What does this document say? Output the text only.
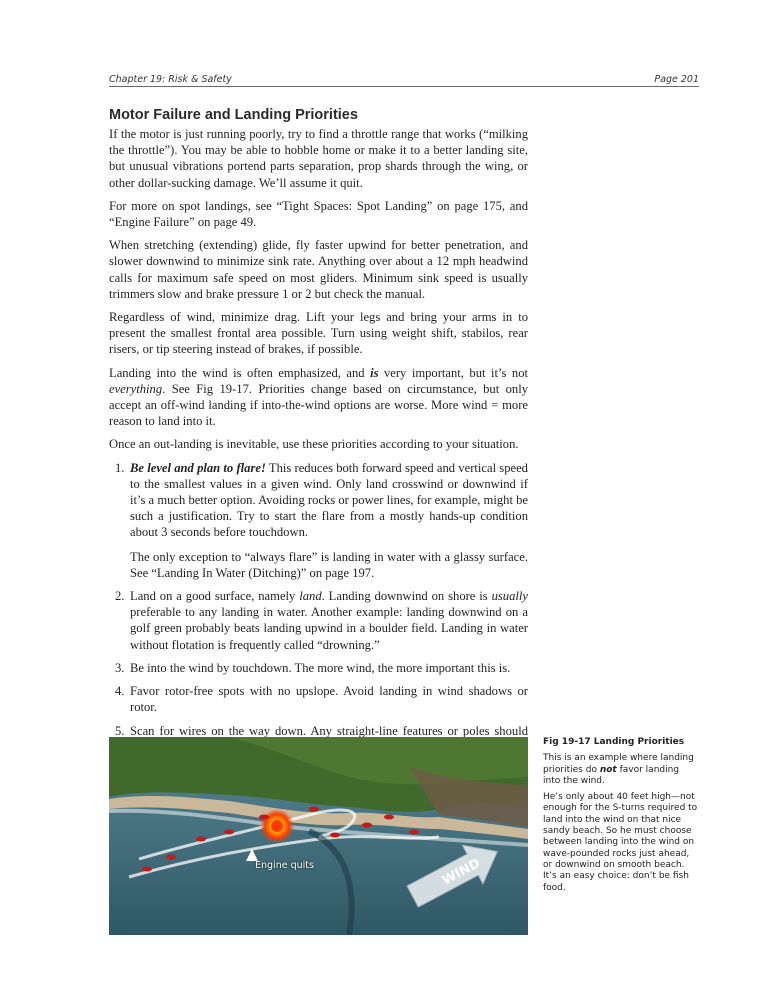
Chapter 19: Risk & Safety	Page 201
Motor Failure and Landing Priorities

If the motor is just running poorly, try to find a throttle range that works (“milking the throttle”). You may be able to hobble home or make it to a better landing site, but unusual vibrations portend parts separation, prop shards through the wing, or other dollar-sucking damage. We’ll assume it quit.

For more on spot landings, see “Tight Spaces: Spot Landing” on page 175, and “Engine Failure” on page 49.

When stretching (extending) glide, fly faster upwind for better penetration, and slower downwind to minimize sink rate. Anything over about a 12 mph headwind calls for maximum safe speed on most gliders. Minimum sink speed is usually trimmers slow and brake pressure 1 or 2 but check the manual.

Regardless of wind, minimize drag. Lift your legs and bring your arms in to present the smallest frontal area possible. Turn using weight shift, stabilos, rear risers, or tip steering instead of brakes, if possible.

Landing into the wind is often emphasized, and is very important, but it’s not everything. See Fig 19-17. Priorities change based on circumstance, but only accept an off-wind landing if into-the-wind options are worse. More wind = more reason to land into it.

Once an out-landing is inevitable, use these priorities according to your situation.

1. Be level and plan to flare! This reduces both forward speed and vertical speed to the smallest values in a given wind. Only land crosswind or downwind if it’s a much better option. Avoiding rocks or power lines, for example, might be such a justification. Try to start the flare from a mostly hands-up condition about 3 seconds before touchdown.
The only exception to “always flare” is landing in water with a glassy surface. See “Landing In Water (Ditching)” on page 197.
2. Land on a good surface, namely land. Landing downwind on shore is usually preferable to any landing in water. Another example: landing downwind on a golf green probably beats landing upwind in a boulder field. Landing in water without flotation is frequently called “drowning.”
3. Be into the wind by touchdown. The more wind, the more important this is.
4. Favor rotor-free spots with no upslope. Avoid landing in wind shadows or rotor.
5. Scan for wires on the way down. Any straight-line features or poles should
WIND
Engine quits
Fig 19-17 Landing Priorities

This is an example where landing priorities do not favor landing into the wind.

He’s only about 40 feet high—not enough for the S-turns required to land into the wind on that nice sandy beach. So he must choose between landing into the wind on wave-pounded rocks just ahead, or downwind on smooth beach. It’s an easy choice: don’t be fish food.
